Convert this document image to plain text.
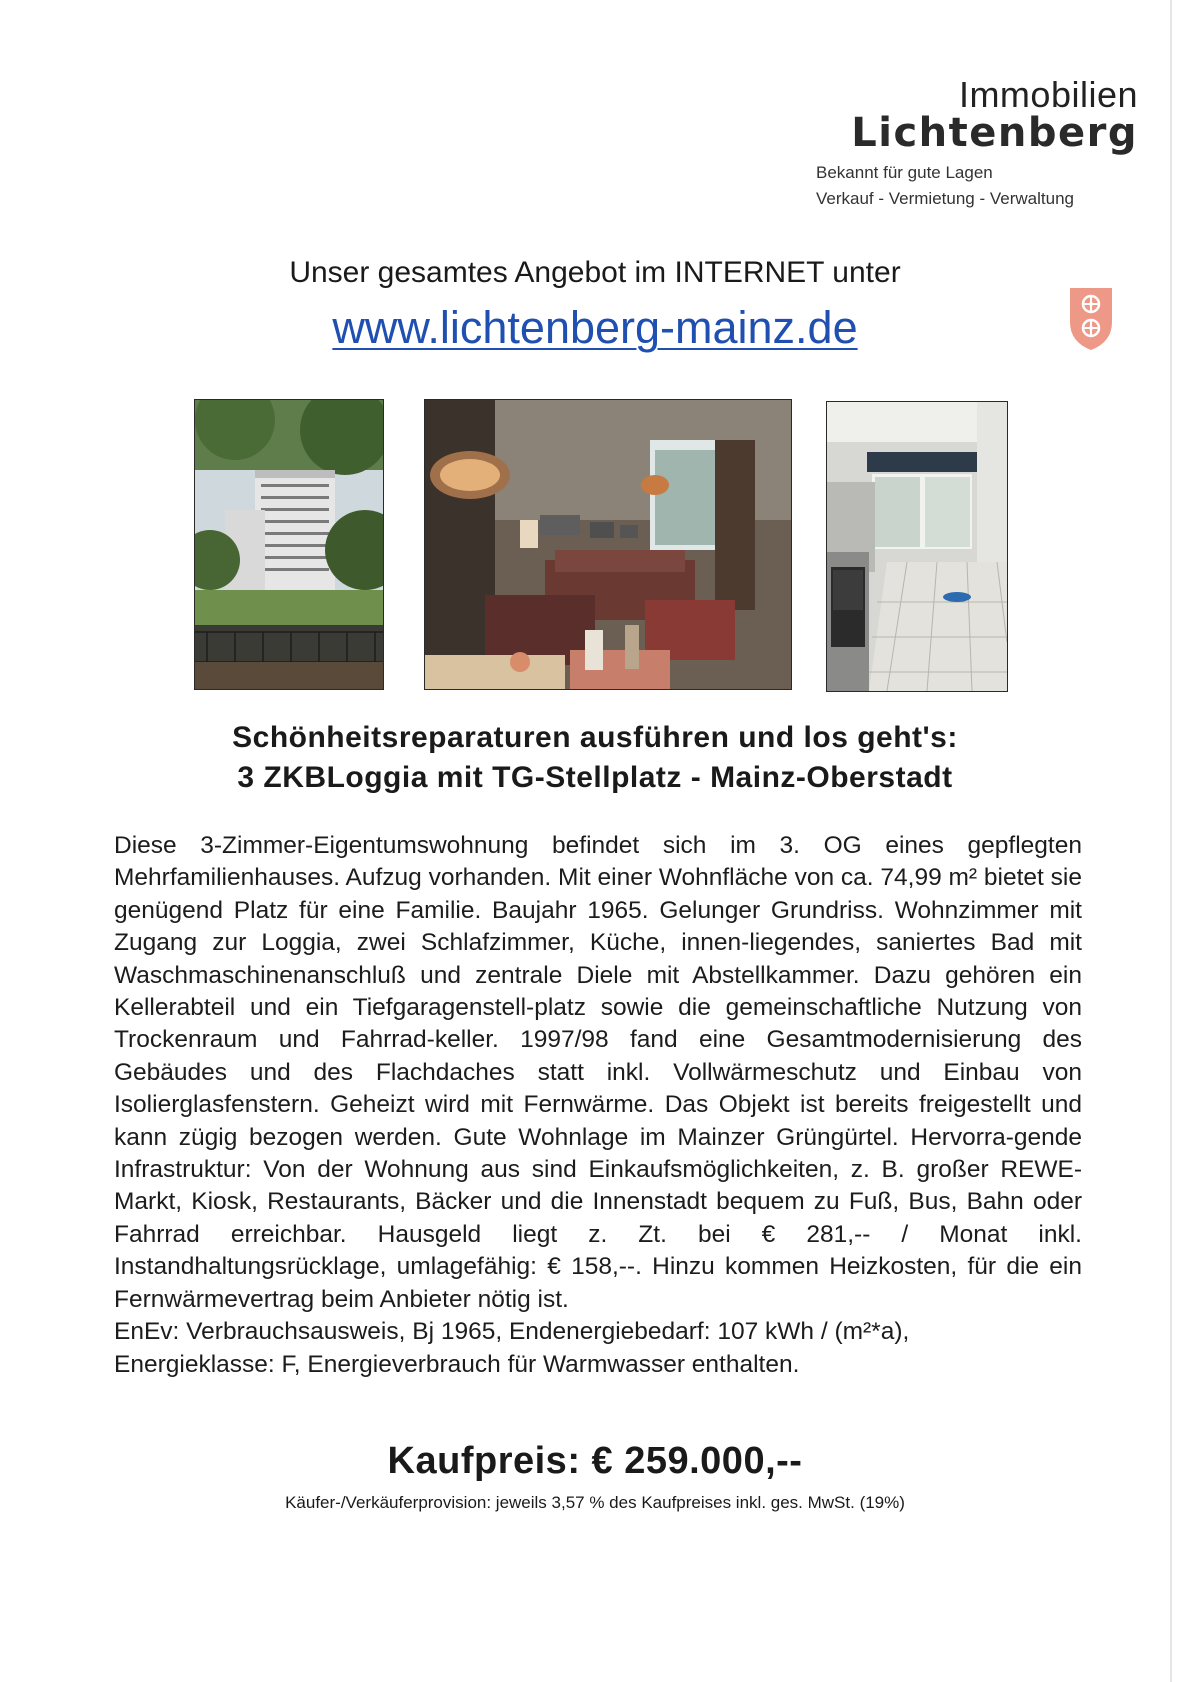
Immobilien
Lichtenberg
Bekannt für gute Lagen
Verkauf - Vermietung - Verwaltung
Unser gesamtes Angebot im INTERNET unter
www.lichtenberg-mainz.de
Schönheitsreparaturen ausführen und los geht's:
3 ZKBLoggia mit TG-Stellplatz - Mainz-Oberstadt
Diese 3-Zimmer-Eigentumswohnung befindet sich im 3. OG eines gepflegten Mehrfamilienhauses. Aufzug vorhanden. Mit einer Wohnfläche von ca. 74,99 m² bietet sie genügend Platz für eine Familie. Baujahr 1965. Gelunger Grundriss. Wohnzimmer mit Zugang zur Loggia, zwei Schlafzimmer, Küche, innen-liegendes, saniertes Bad mit Waschmaschinenanschluß und zentrale Diele mit Abstellkammer. Dazu gehören ein Kellerabteil und ein Tiefgaragenstell-platz sowie die gemeinschaftliche Nutzung von Trockenraum und Fahrrad-keller. 1997/98 fand eine Gesamtmodernisierung des Gebäudes und des Flachdaches statt inkl. Vollwärmeschutz und Einbau von Isolierglasfenstern. Geheizt wird mit Fernwärme. Das Objekt ist bereits freigestellt und kann zügig bezogen werden. Gute Wohnlage im Mainzer Grüngürtel. Hervorra-gende Infrastruktur: Von der Wohnung aus sind Einkaufsmöglichkeiten, z. B. großer REWE-Markt, Kiosk, Restaurants, Bäcker und die Innenstadt bequem zu Fuß, Bus, Bahn oder Fahrrad erreichbar. Hausgeld liegt z. Zt. bei € 281,-- / Monat inkl. Instandhaltungsrücklage, umlagefähig: € 158,--. Hinzu kommen Heizkosten, für die ein Fernwärmevertrag beim Anbieter nötig ist.
EnEv: Verbrauchsausweis, Bj 1965, Endenergiebedarf: 107 kWh / (m²*a),
Energieklasse: F, Energieverbrauch für Warmwasser enthalten.
Kaufpreis: € 259.000,--
Käufer-/Verkäuferprovision: jeweils 3,57 % des Kaufpreises inkl. ges. MwSt. (19%)
